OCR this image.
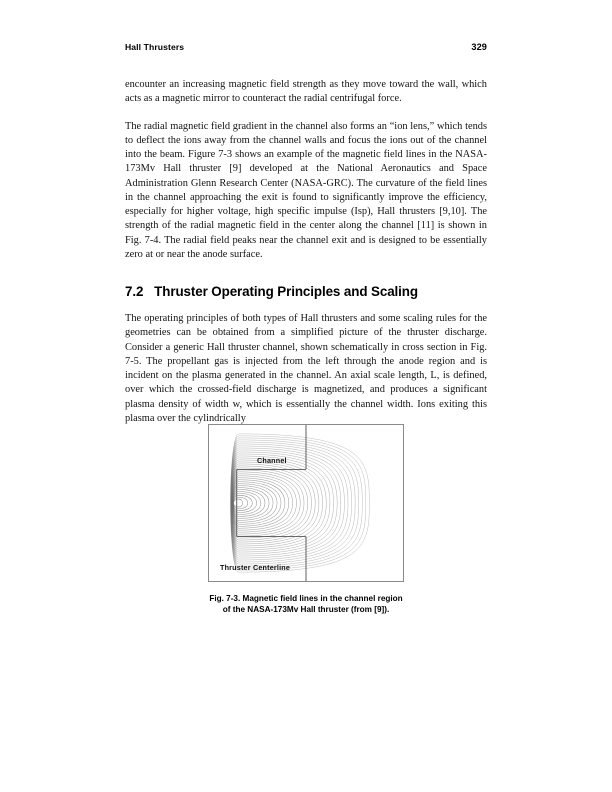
Hall Thrusters	329

encounter an increasing magnetic field strength as they move toward the wall, which acts as a magnetic mirror to counteract the radial centrifugal force.

The radial magnetic field gradient in the channel also forms an “ion lens,” which tends to deflect the ions away from the channel walls and focus the ions out of the channel into the beam. Figure 7-3 shows an example of the magnetic field lines in the NASA-173Mv Hall thruster [9] developed at the National Aeronautics and Space Administration Glenn Research Center (NASA-GRC). The curvature of the field lines in the channel approaching the exit is found to significantly improve the efficiency, especially for higher voltage, high specific impulse (Isp), Hall thrusters [9,10]. The strength of the radial magnetic field in the center along the channel [11] is shown in Fig. 7-4. The radial field peaks near the channel exit and is designed to be essentially zero at or near the anode surface.

7.2   Thruster Operating Principles and Scaling

The operating principles of both types of Hall thrusters and some scaling rules for the geometries can be obtained from a simplified picture of the thruster discharge. Consider a generic Hall thruster channel, shown schematically in cross section in Fig. 7-5. The propellant gas is injected from the left through the anode region and is incident on the plasma generated in the channel. An axial scale length, L, is defined, over which the crossed-field discharge is magnetized, and produces a significant plasma density of width w, which is essentially the channel width. Ions exiting this plasma over the cylindrically

Channel
Thruster Centerline
Fig. 7-3. Magnetic field lines in the channel region
of the NASA-173Mv Hall thruster (from [9]).
